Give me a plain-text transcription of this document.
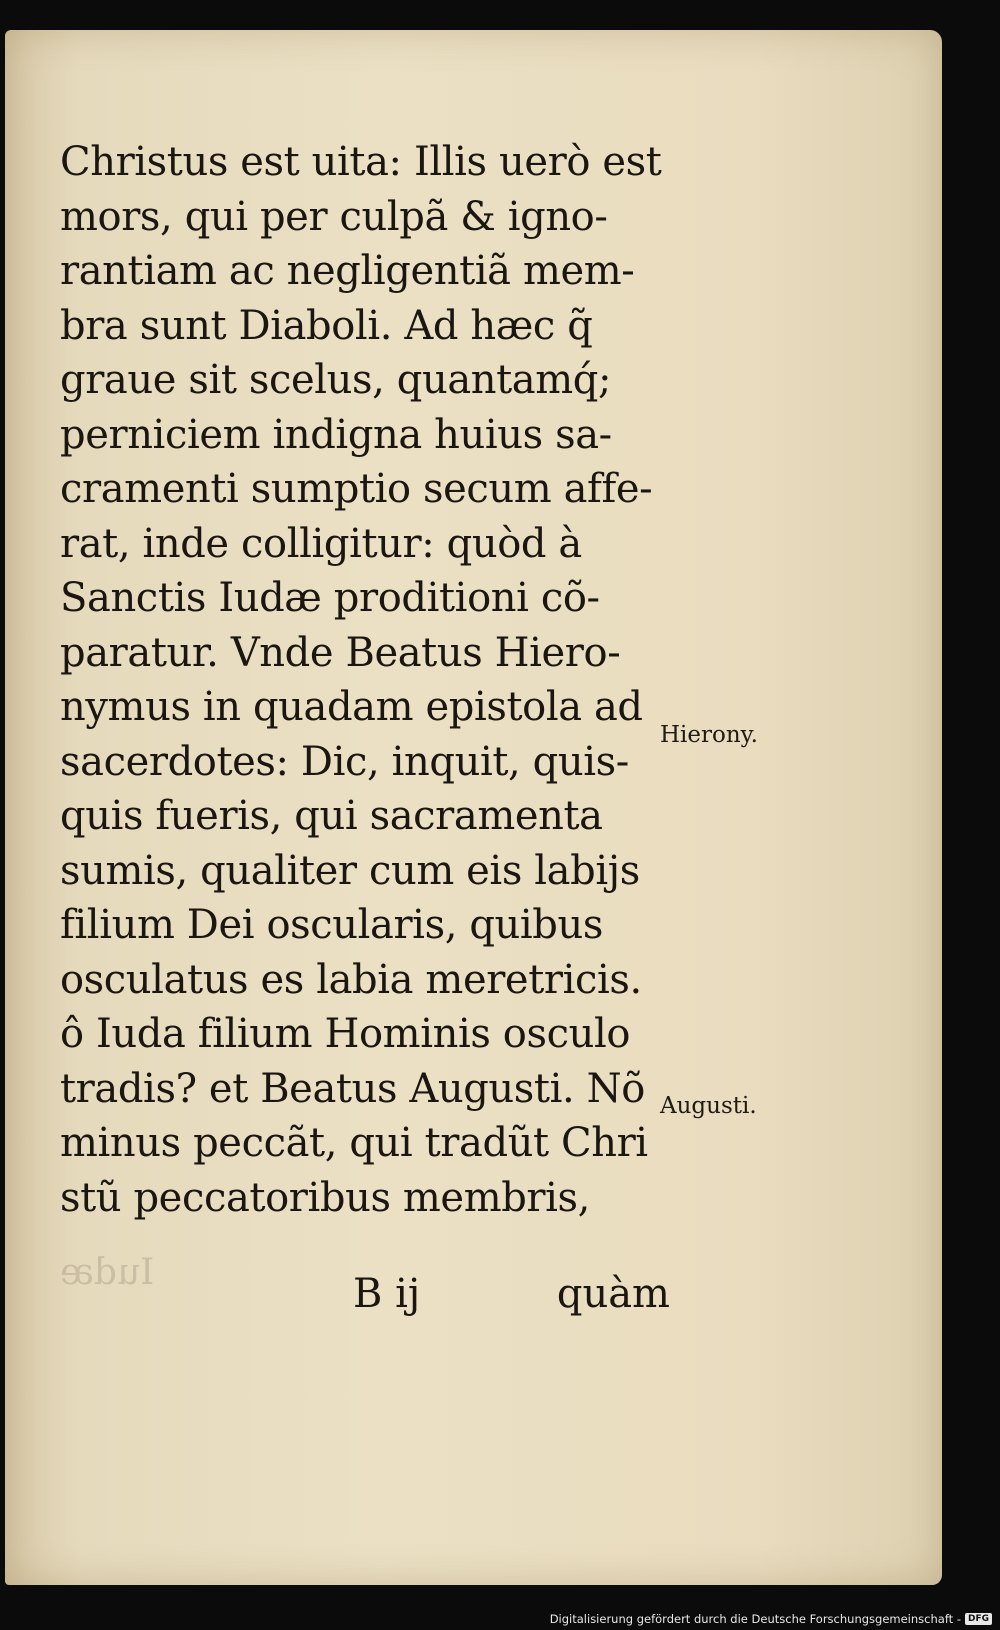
Iudæ
Christus est uita: Illis uerò est
mors, qui per culpã & igno-
rantiam ac negligentiã mem-
bra sunt Diaboli. Ad hæc q̃
graue sit scelus, quantamq́;
perniciem indigna huius sa-
cramenti sumptio secum affe-
rat, inde colligitur: quòd à
Sanctis Iudæ proditioni cõ-
paratur. Vnde Beatus Hiero-
nymus in quadam epistola ad
sacerdotes: Dic, inquit, quis-
quis fueris, qui sacramenta
sumis, qualiter cum eis labijs
filium Dei oscularis, quibus
osculatus es labia meretricis.
ô Iuda filium Hominis osculo
tradis? et Beatus Augusti. Nõ
minus peccãt, qui tradũt Chri
stũ peccatoribus membris,
Hierony.
Augusti.
B ij	quàm
Digitalisierung gefördert durch die Deutsche Forschungsgemeinschaft - DFG
